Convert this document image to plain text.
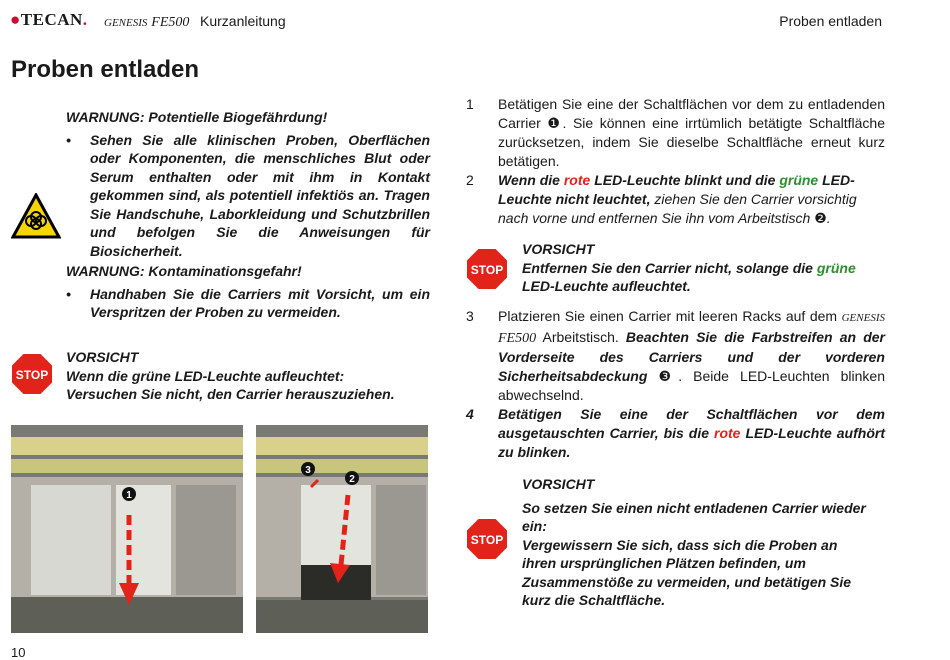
●TECAN. GENESIS FE500 Kurzanleitung	Proben entladen
Proben entladen
WARNUNG: Potentielle Biogefährdung!
•	Sehen Sie alle klinischen Proben, Oberflächen oder Komponenten, die menschliches Blut oder Serum enthalten oder mit ihm in Kontakt gekommen sind, als potentiell infektiös an. Tragen Sie Handschuhe, Laborkleidung und Schutzbrillen und befolgen Sie die Anweisungen für Biosicherheit.
WARNUNG: Kontaminationsgefahr!
•	Handhaben Sie die Carriers mit Vorsicht, um ein Verspritzen der Proben zu vermeiden.
STOP
VORSICHT
Wenn die grüne LED-Leuchte aufleuchtet:
Versuchen Sie nicht, den Carrier herauszuziehen.
1
3
2
1	Betätigen Sie eine der Schaltflächen vor dem zu entladenden Carrier ❶. Sie können eine irrtümlich betätigte Schaltfläche zurücksetzen, indem Sie dieselbe Schaltfläche erneut kurz betätigen.
2	Wenn die rote LED-Leuchte blinkt und die grüne LED-Leuchte nicht leuchtet, ziehen Sie den Carrier vorsichtig nach vorne und entfernen Sie ihn vom Arbeitstisch ❷.
STOP
VORSICHT
Entfernen Sie den Carrier nicht, solange die grüne LED-Leuchte aufleuchtet.
3	Platzieren Sie einen Carrier mit leeren Racks auf dem GENESIS FE500 Arbeitstisch. Beachten Sie die Farbstreifen an der Vorderseite des Carriers und der vorderen Sicherheitsabdeckung ❸. Beide LED-Leuchten blinken abwechselnd.
4	Betätigen Sie eine der Schaltflächen vor dem ausgetauschten Carrier, bis die rote LED-Leuchte aufhört zu blinken.
STOP
VORSICHT
So setzen Sie einen nicht entladenen Carrier wieder ein:
Vergewissern Sie sich, dass sich die Proben an ihren ursprünglichen Plätzen befinden, um Zusammenstöße zu vermeiden, und betätigen Sie kurz die Schaltfläche.
10
